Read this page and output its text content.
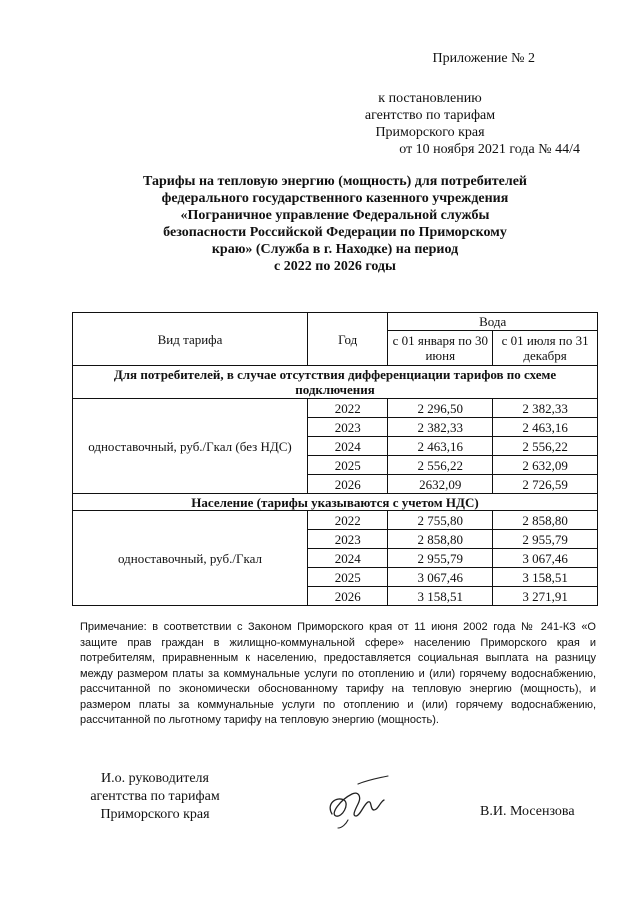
Приложение № 2
к постановлению
агентство по тарифам
Приморского края
от 10 ноября 2021 года № 44/4
Тарифы на тепловую энергию (мощность) для потребителей
федерального государственного казенного учреждения
«Пограничное управление Федеральной службы
безопасности Российской Федерации по Приморскому
краю» (Служба в г. Находке) на период
с 2022 по 2026 годы
Вид тарифа	Год	Вода	
		с 01 января по 30 июня	с 01 июля по 31 декабря
Для потребителей, в случае отсутствия дифференциации тарифов по схеме подключения			
одноставочный, руб./Гкал (без НДС)	2022	2 296,50	2 382,33
	2023	2 382,33	2 463,16
	2024	2 463,16	2 556,22
	2025	2 556,22	2 632,09
	2026	2632,09	2 726,59
Население (тарифы указываются с учетом НДС)			
одноставочный, руб./Гкал	2022	2 755,80	2 858,80
	2023	2 858,80	2 955,79
	2024	2 955,79	3 067,46
	2025	3 067,46	3 158,51
	2026	3 158,51	3 271,91
Примечание: в соответствии с Законом Приморского края от 11 июня 2002 года № 241-КЗ «О защите прав граждан в жилищно-коммунальной сфере» населению Приморского края и потребителям, приравненным к населению, предоставляется социальная выплата на разницу между размером платы за коммунальные услуги по отоплению и (или) горячему водоснабжению, рассчитанной по экономически обоснованному тарифу на тепловую энергию (мощность), и размером платы за коммунальные услуги по отоплению и (или) горячему водоснабжению, рассчитанной по льготному тарифу на тепловую энергию (мощность).
И.о. руководителя
агентства по тарифам
Приморского края	В.И. Мосензова
